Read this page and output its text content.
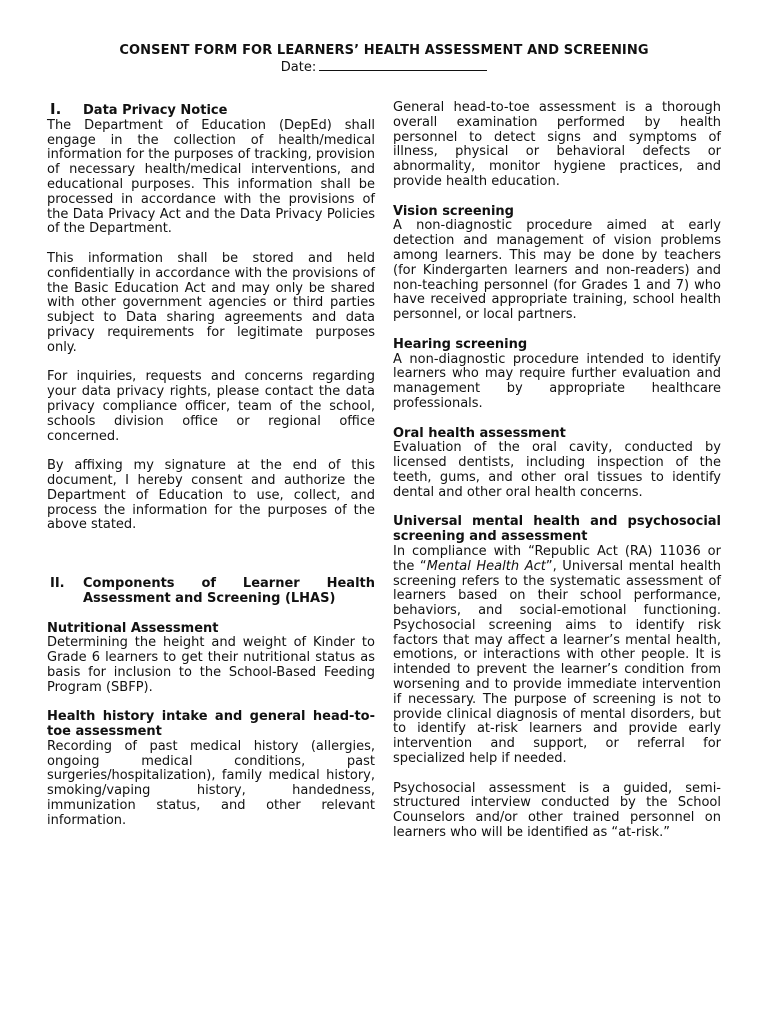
CONSENT FORM FOR LEARNERS’ HEALTH ASSESSMENT AND SCREENING
Date:
I.	Data Privacy Notice

The Department of Education (DepEd) shall engage in the collection of health/medical information for the purposes of tracking, provision of necessary health/medical interventions, and educational purposes. This information shall be processed in accordance with the provisions of the Data Privacy Act and the Data Privacy Policies of the Department.

This information shall be stored and held confidentially in accordance with the provisions of the Basic Education Act and may only be shared with other government agencies or third parties subject to Data sharing agreements and data privacy requirements for legitimate purposes only.

For inquiries, requests and concerns regarding your data privacy rights, please contact the data privacy compliance officer, team of the school, schools division office or regional office concerned.

By affixing my signature at the end of this document, I hereby consent and authorize the Department of Education to use, collect, and process the information for the purposes of the above stated.

II.	Components of Learner Health Assessment and Screening (LHAS)

Nutritional Assessment

Determining the height and weight of Kinder to Grade 6 learners to get their nutritional status as basis for inclusion to the School-Based Feeding Program (SBFP).

Health history intake and general head-to-toe assessment

Recording of past medical history (allergies, ongoing medical conditions, past surgeries/hospitalization), family medical history, smoking/vaping history, handedness, immunization status, and other relevant information.

General head-to-toe assessment is a thorough overall examination performed by health personnel to detect signs and symptoms of illness, physical or behavioral defects or abnormality, monitor hygiene practices, and provide health education.

Vision screening

A non-diagnostic procedure aimed at early detection and management of vision problems among learners. This may be done by teachers (for Kindergarten learners and non-readers) and non-teaching personnel (for Grades 1 and 7) who have received appropriate training, school health personnel, or local partners.

Hearing screening

A non-diagnostic procedure intended to identify learners who may require further evaluation and management by appropriate healthcare professionals.

Oral health assessment

Evaluation of the oral cavity, conducted by licensed dentists, including inspection of the teeth, gums, and other oral tissues to identify dental and other oral health concerns.

Universal mental health and psychosocial screening and assessment

In compliance with “Republic Act (RA) 11036 or the “Mental Health Act”, Universal mental health screening refers to the systematic assessment of learners based on their school performance, behaviors, and social-emotional functioning. Psychosocial screening aims to identify risk factors that may affect a learner’s mental health, emotions, or interactions with other people. It is intended to prevent the learner’s condition from worsening and to provide immediate intervention if necessary. The purpose of screening is not to provide clinical diagnosis of mental disorders, but to identify at-risk learners and provide early intervention and support, or referral for specialized help if needed.

Psychosocial assessment is a guided, semi-structured interview conducted by the School Counselors and/or other trained personnel on learners who will be identified as “at-risk.”
